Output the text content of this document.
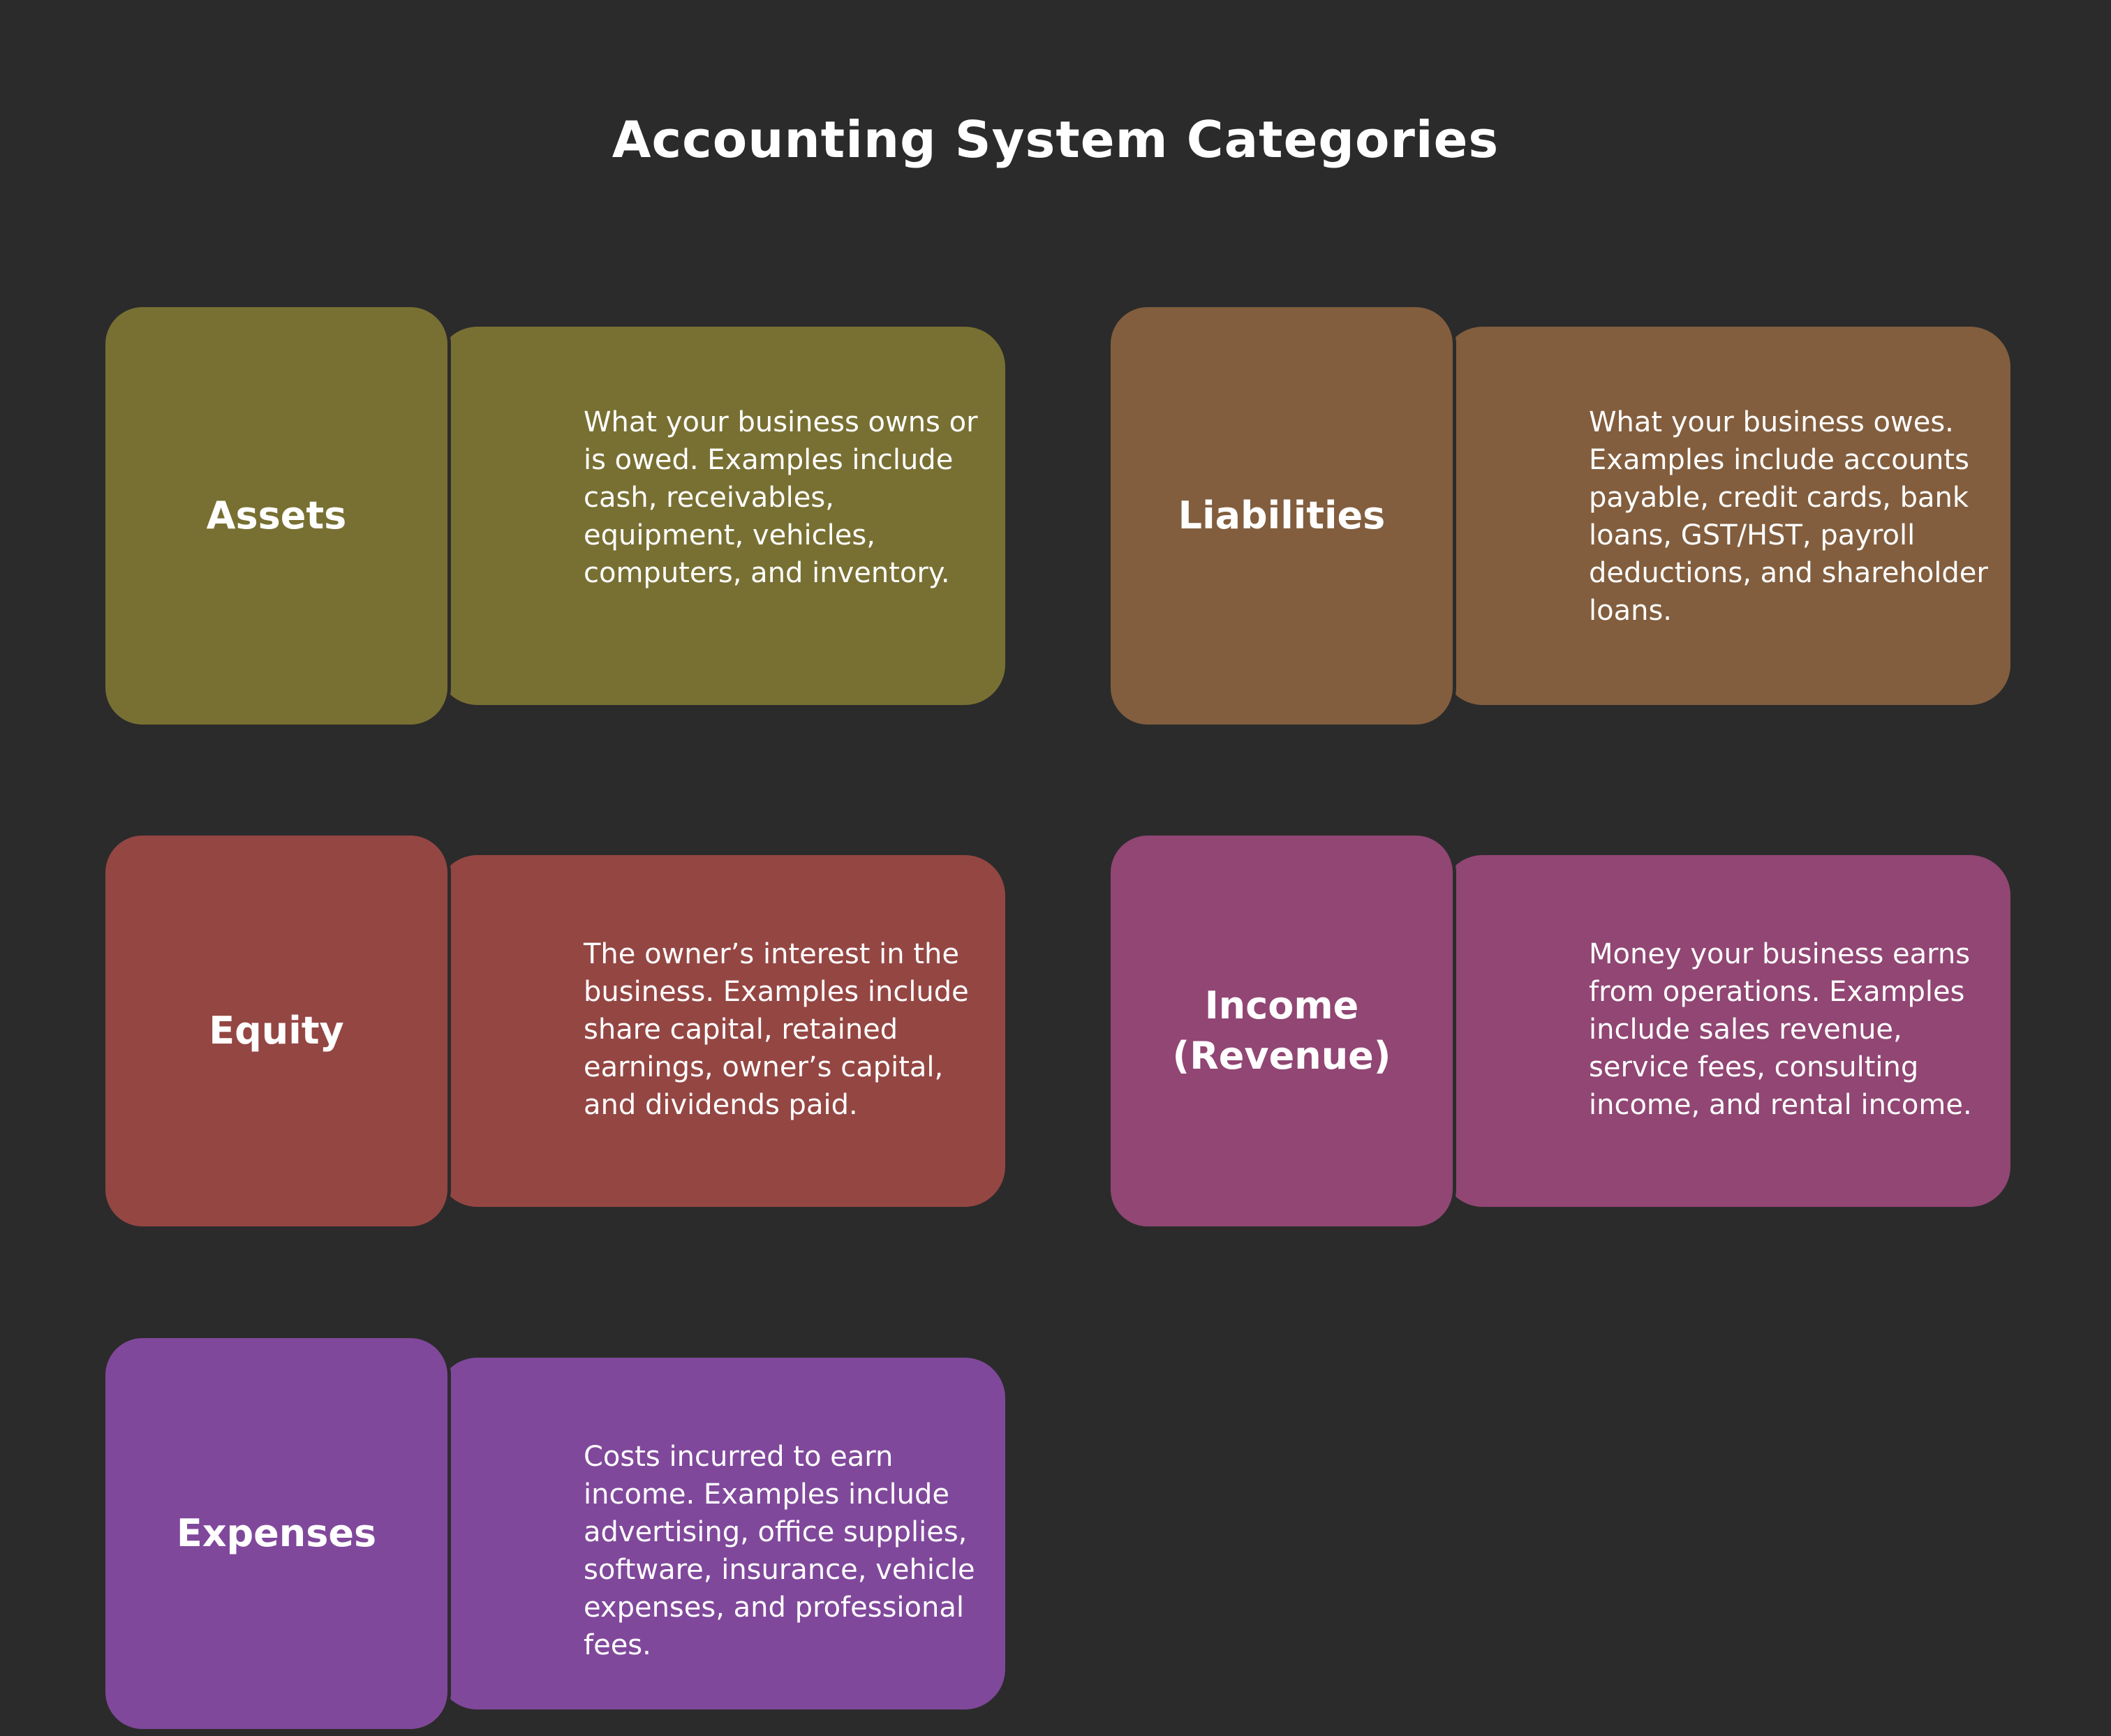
Accounting System Categories
Assets
What your business owns or is owed. Examples include cash, receivables, equipment, vehicles, computers, and inventory.
Liabilities
What your business owes. Examples include accounts payable, credit cards, bank loans, GST/HST, payroll deductions, and shareholder loans.
Equity
The owner’s interest in the business. Examples include share capital, retained earnings, owner’s capital, and dividends paid.
Income (Revenue)
Money your business earns from operations. Examples include sales revenue, service fees, consulting income, and rental income.
Expenses
Costs incurred to earn income. Examples include advertising, office supplies, software, insurance, vehicle expenses, and professional fees.
